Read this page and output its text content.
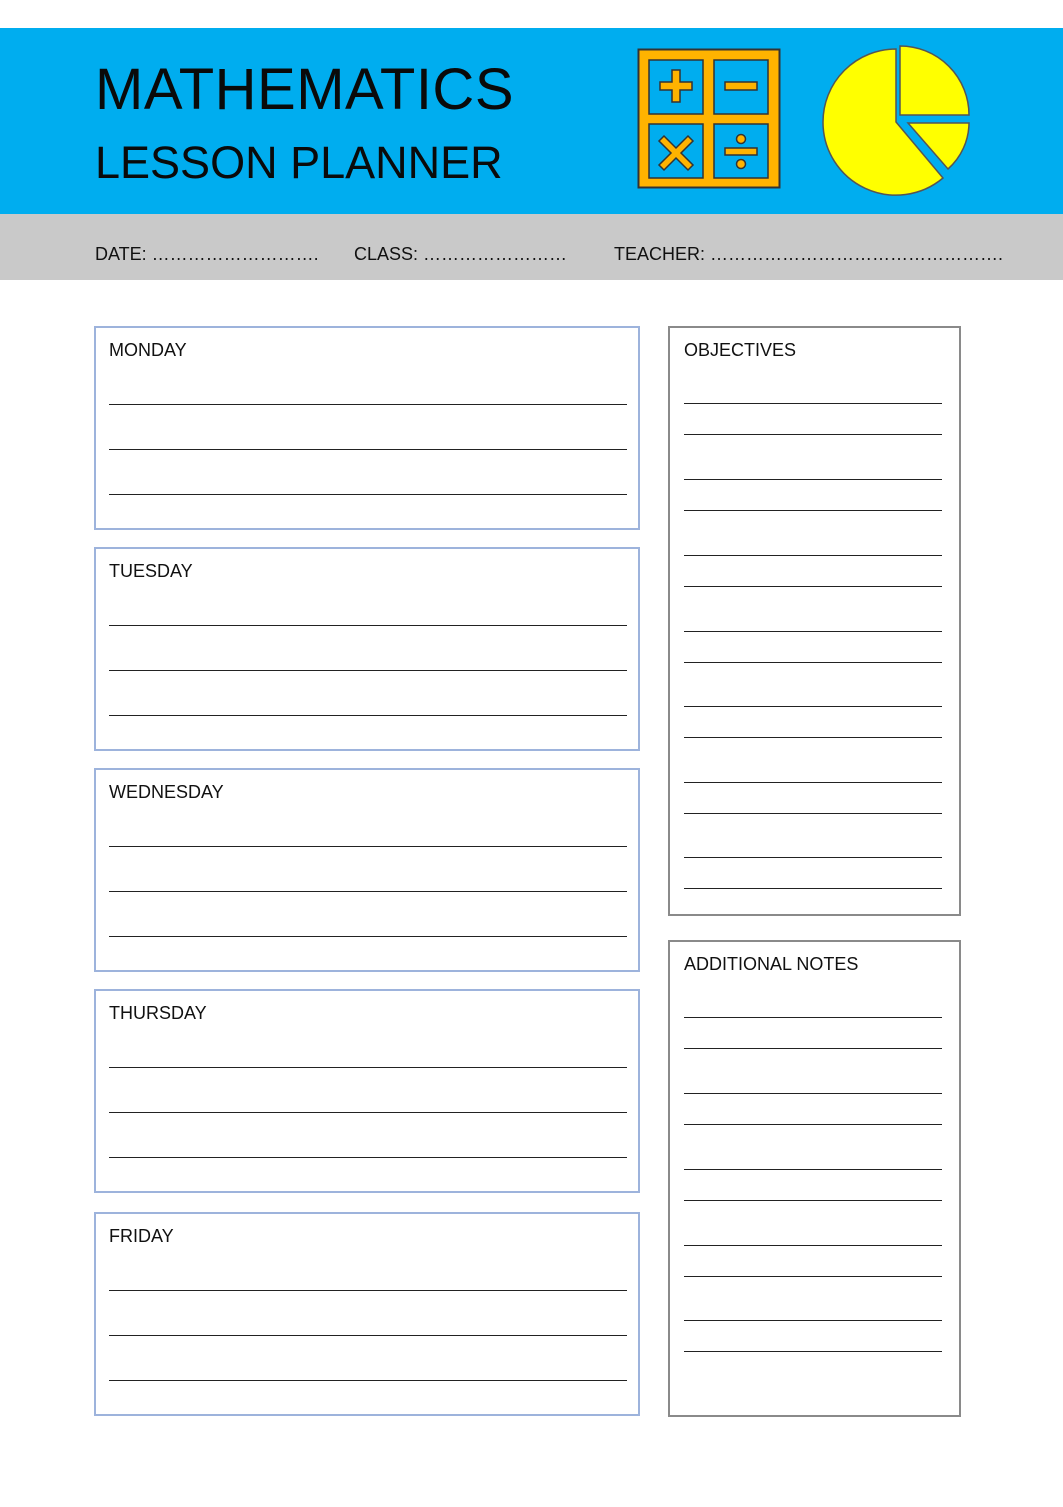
MATHEMATICS
LESSON PLANNER
DATE: ………………………. CLASS: ……………………	TEACHER: ………………………………………….
MONDAY
TUESDAY
WEDNESDAY
THURSDAY
FRIDAY
OBJECTIVES
ADDITIONAL NOTES
